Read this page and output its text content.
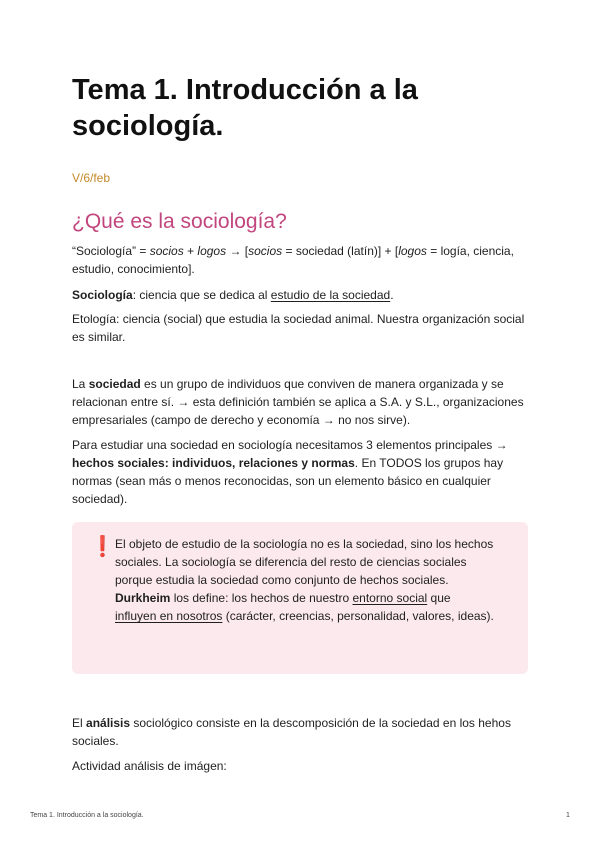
Tema 1. Introducción a la sociología.

V/6/feb

¿Qué es la sociología?

“Sociología” = socios + logos → [socios = sociedad (latín)] + [logos = logía, ciencia, estudio, conocimiento].

Sociología: ciencia que se dedica al estudio de la sociedad.

Etología: ciencia (social) que estudia la sociedad animal. Nuestra organización social es similar.

La sociedad es un grupo de individuos que conviven de manera organizada y se relacionan entre sí. → esta definición también se aplica a S.A. y S.L., organizaciones empresariales (campo de derecho y economía → no nos sirve).

Para estudiar una sociedad en sociología necesitamos 3 elementos principales → hechos sociales: individuos, relaciones y normas. En TODOS los grupos hay normas (sean más o menos reconocidas, son un elemento básico en cualquier sociedad).

❗ El objeto de estudio de la sociología no es la sociedad, sino los hechos sociales. La sociología se diferencia del resto de ciencias sociales porque estudia la sociedad como conjunto de hechos sociales.
Durkheim los define: los hechos de nuestro entorno social que influyen en nosotros (carácter, creencias, personalidad, valores, ideas).

El análisis sociológico consiste en la descomposición de la sociedad en los hehos sociales.

Actividad análisis de imágen:

Tema 1. Introducción a la sociología.	1
